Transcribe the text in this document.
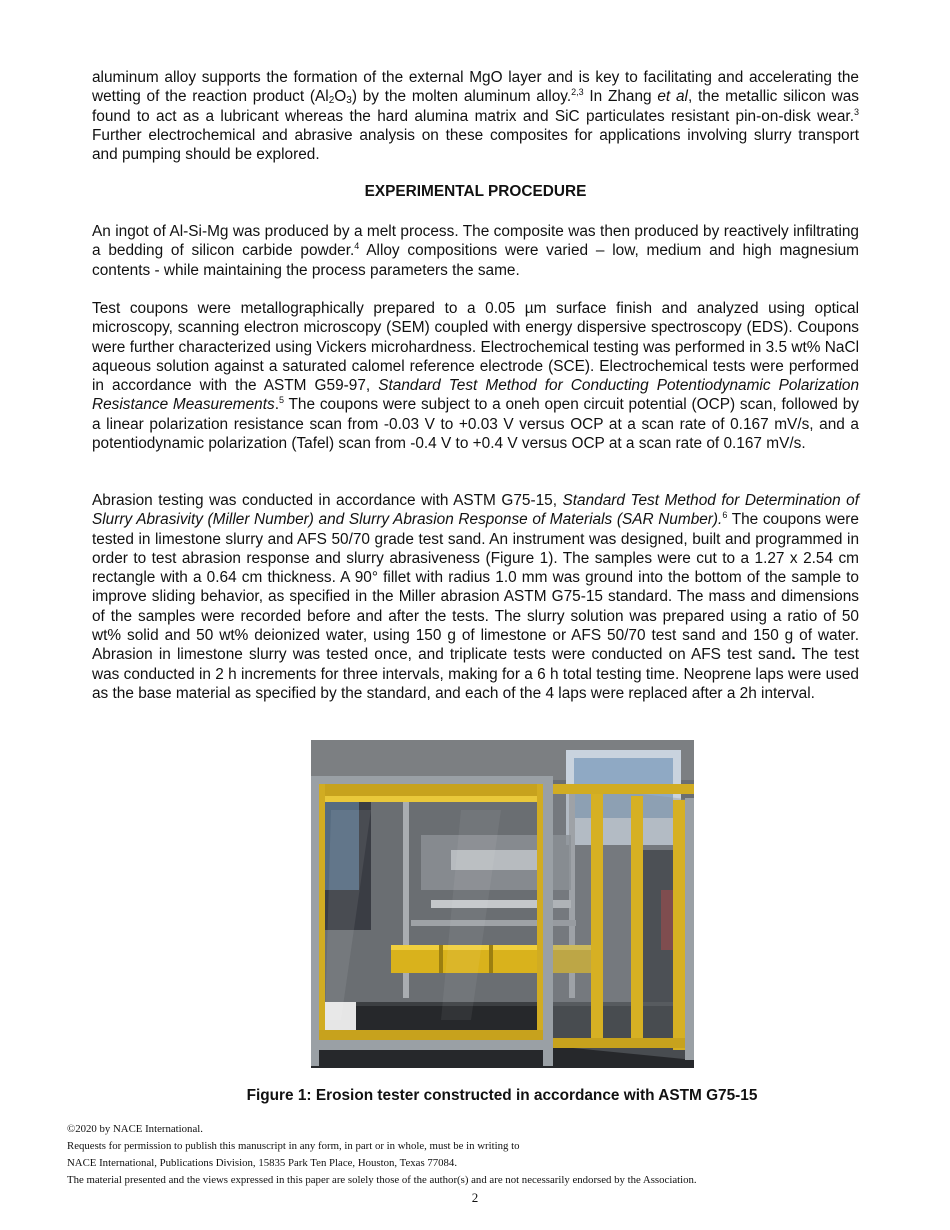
aluminum alloy supports the formation of the external MgO layer and is key to facilitating and accelerating the wetting of the reaction product $(Al_2O_3)$ by the molten aluminum alloy.$^{2,3}$ In Zhang et al, the metallic silicon was found to act as a lubricant whereas the hard alumina matrix and SiC particulates resistant pin-on-disk wear.$^3$ Further electrochemical and abrasive analysis on these composites for applications involving slurry transport and pumping should be explored.

EXPERIMENTAL PROCEDURE

An ingot of Al-Si-Mg was produced by a melt process. The composite was then produced by reactively infiltrating a bedding of silicon carbide powder.$^4$ Alloy compositions were varied – low, medium and high magnesium contents - while maintaining the process parameters the same.

Test coupons were metallographically prepared to a 0.05 µm surface finish and analyzed using optical microscopy, scanning electron microscopy (SEM) coupled with energy dispersive spectroscopy (EDS). Coupons were further characterized using Vickers microhardness. Electrochemical testing was performed in 3.5 wt% NaCl aqueous solution against a saturated calomel reference electrode (SCE). Electrochemical tests were performed in accordance with the ASTM G59-97, Standard Test Method for Conducting Potentiodynamic Polarization Resistance Measurements.$^5$ The coupons were subject to a oneh open circuit potential (OCP) scan, followed by a linear polarization resistance scan from -0.03 V to +0.03 V versus OCP at a scan rate of 0.167 mV/s, and a potentiodynamic polarization (Tafel) scan from -0.4 V to +0.4 V versus OCP at a scan rate of 0.167 mV/s.

Abrasion testing was conducted in accordance with ASTM G75-15, Standard Test Method for Determination of Slurry Abrasivity (Miller Number) and Slurry Abrasion Response of Materials (SAR Number).$^6$ The coupons were tested in limestone slurry and AFS 50/70 grade test sand. An instrument was designed, built and programmed in order to test abrasion response and slurry abrasiveness (Figure 1). The samples were cut to a 1.27 x 2.54 cm rectangle with a 0.64 cm thickness. A 90° fillet with radius 1.0 mm was ground into the bottom of the sample to improve sliding behavior, as specified in the Miller abrasion ASTM G75-15 standard. The mass and dimensions of the samples were recorded before and after the tests. The slurry solution was prepared using a ratio of 50 wt% solid and 50 wt% deionized water, using 150 g of limestone or AFS 50/70 test sand and 150 g of water. Abrasion in limestone slurry was tested once, and triplicate tests were conducted on AFS test sand. The test was conducted in 2 h increments for three intervals, making for a 6 h total testing time. Neoprene laps were used as the base material as specified by the standard, and each of the 4 laps were replaced after a 2h interval.

Figure 1: Erosion tester constructed in accordance with ASTM G75-15

©2020 by NACE International.
Requests for permission to publish this manuscript in any form, in part or in whole, must be in writing to
NACE International, Publications Division, 15835 Park Ten Place, Houston, Texas 77084.
The material presented and the views expressed in this paper are solely those of the author(s) and are not necessarily endorsed by the Association.
2
